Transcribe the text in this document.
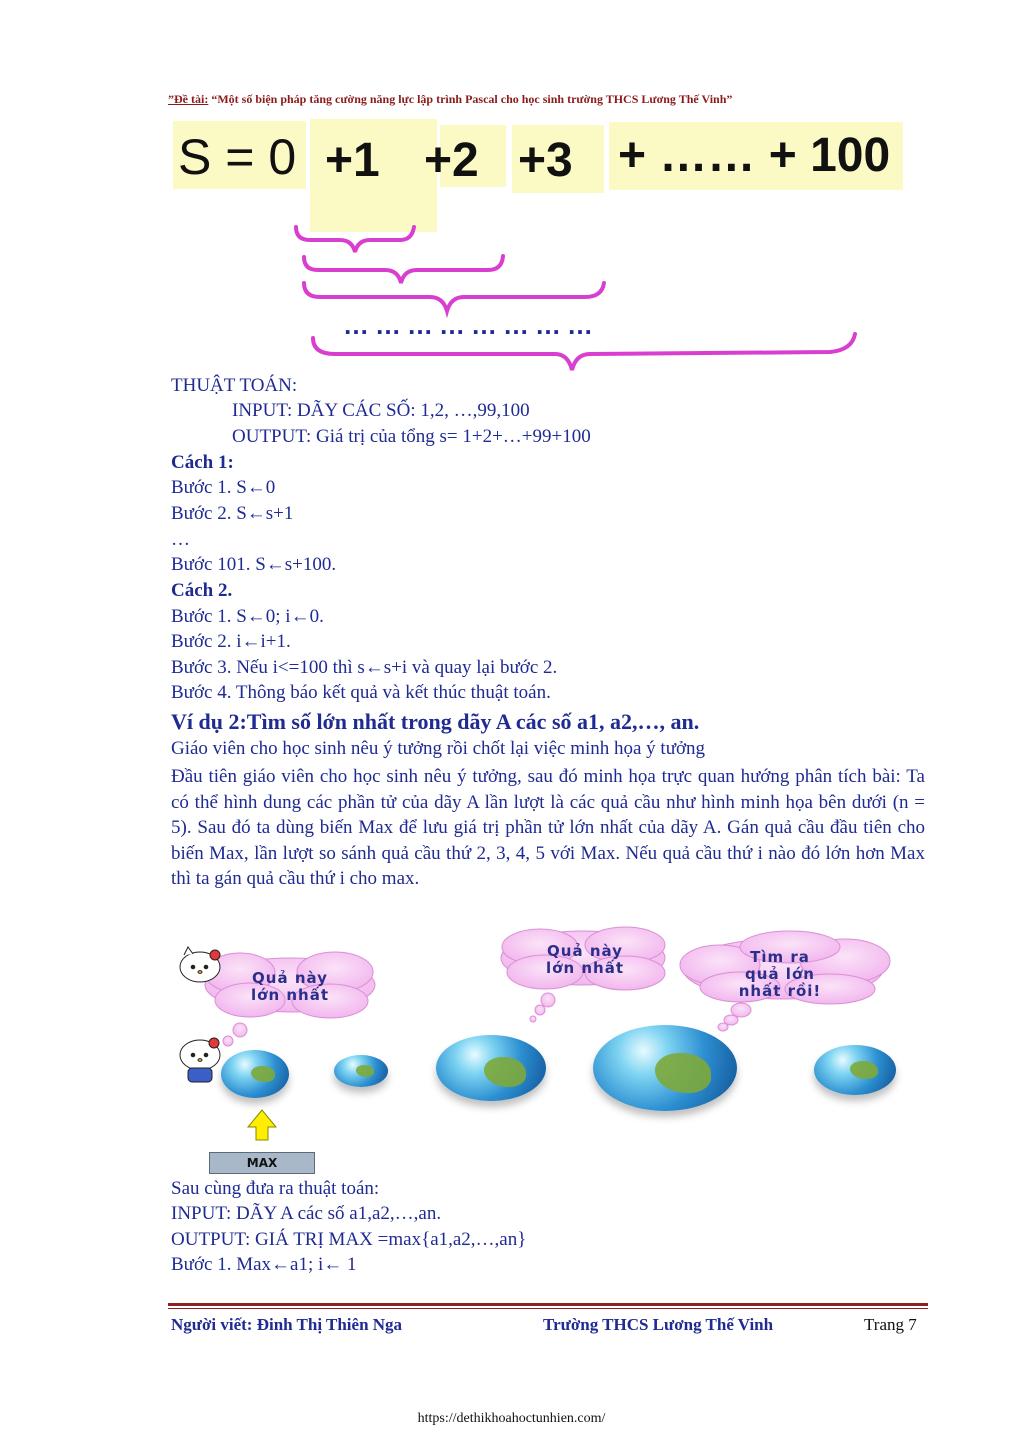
”Đề tài: “Một số biện pháp tăng cường năng lực lập trình Pascal cho học sinh trường THCS Lương Thế Vinh”
S = 0 +1 +2 +3 + …… + 100
……………………
THUẬT TOÁN:
INPUT: DÃY CÁC SỐ: 1,2, …,99,100
OUTPUT: Giá trị của tổng s= 1+2+…+99+100
Cách 1:
Bước 1. S←0
Bước 2. S←s+1
…
Bước 101. S←s+100.
Cách 2.
Bước 1. S←0; i←0.
Bước 2. i←i+1.
Bước 3. Nếu i<=100 thì s←s+i và quay lại bước 2.
Bước 4. Thông báo kết quả và kết thúc thuật toán.
Ví dụ 2:Tìm số lớn nhất trong dãy A các số a1, a2,…, an.
Giáo viên cho học sinh nêu ý tưởng rồi chốt lại việc minh họa ý tưởng

Đầu tiên giáo viên cho học sinh nêu ý tưởng, sau đó minh họa trực quan hướng phân tích bài: Ta có thể hình dung các phần tử của dãy A lần lượt là các quả cầu như hình minh họa bên dưới (n = 5). Sau đó ta dùng biến Max để lưu giá trị phần tử lớn nhất của dãy A. Gán quả cầu đầu tiên cho biến Max, lần lượt so sánh quả cầu thứ 2, 3, 4, 5 với Max. Nếu quả cầu thứ i nào đó lớn hơn Max thì ta gán quả cầu thứ i cho max.

Quả này
lớn nhất
Quả này
lớn nhất
Tìm ra
quả lớn
nhất rồi!
MAX
Sau cùng đưa ra thuật toán:
INPUT: DÃY A các số a1,a2,…,an.
OUTPUT: GIÁ TRỊ MAX =max{a1,a2,…,an}
Bước 1. Max←a1; i← 1
Người viết: Đinh Thị Thiên Nga	Trường THCS Lương Thế Vinh	Trang 7
https://dethikhoahoctunhien.com/
